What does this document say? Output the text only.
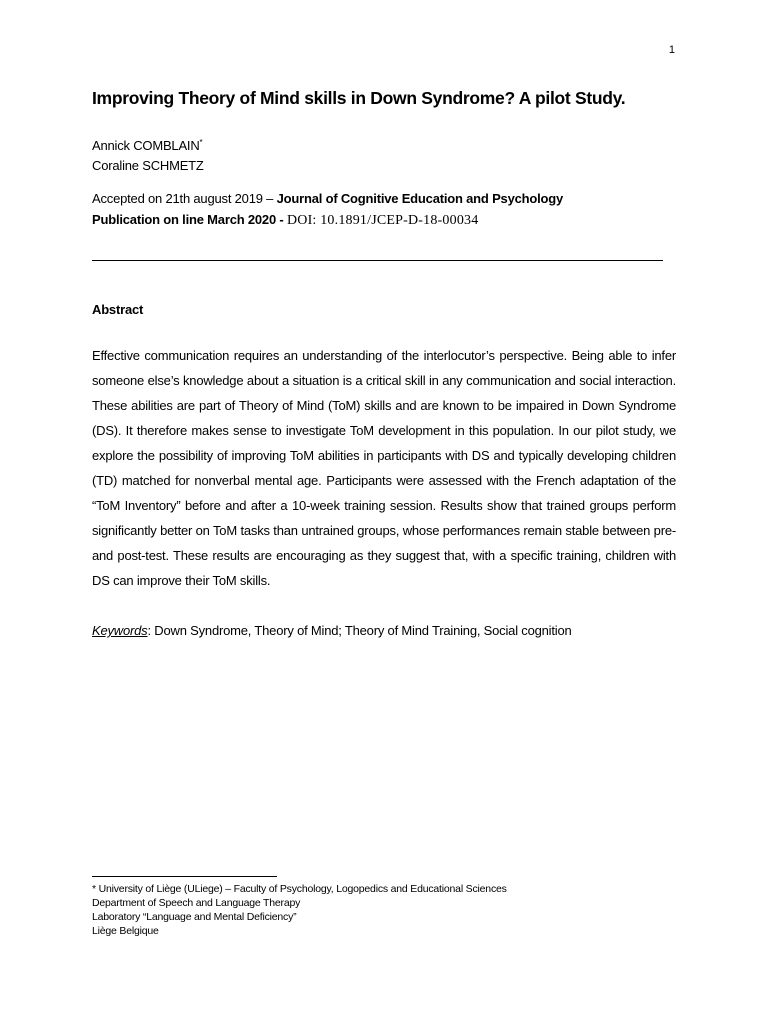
1
Improving Theory of Mind skills in Down Syndrome? A pilot Study.
Annick COMBLAIN*
Coraline SCHMETZ
Accepted on 21th august 2019 – Journal of Cognitive Education and Psychology
Publication on line March 2020 - DOI: 10.1891/JCEP-D-18-00034
Abstract

Effective communication requires an understanding of the interlocutor’s perspective. Being able to infer someone else’s knowledge about a situation is a critical skill in any communication and social interaction. These abilities are part of Theory of Mind (ToM) skills and are known to be impaired in Down Syndrome (DS). It therefore makes sense to investigate ToM development in this population. In our pilot study, we explore the possibility of improving ToM abilities in participants with DS and typically developing children (TD) matched for nonverbal mental age. Participants were assessed with the French adaptation of the “ToM Inventory” before and after a 10-week training session. Results show that trained groups perform significantly better on ToM tasks than untrained groups, whose performances remain stable between pre- and post-test. These results are encouraging as they suggest that, with a specific training, children with DS can improve their ToM skills.

Keywords: Down Syndrome, Theory of Mind; Theory of Mind Training, Social cognition
* University of Liège (ULiege) – Faculty of Psychology, Logopedics and Educational Sciences
Department of Speech and Language Therapy
Laboratory “Language and Mental Deficiency”
Liège Belgique
